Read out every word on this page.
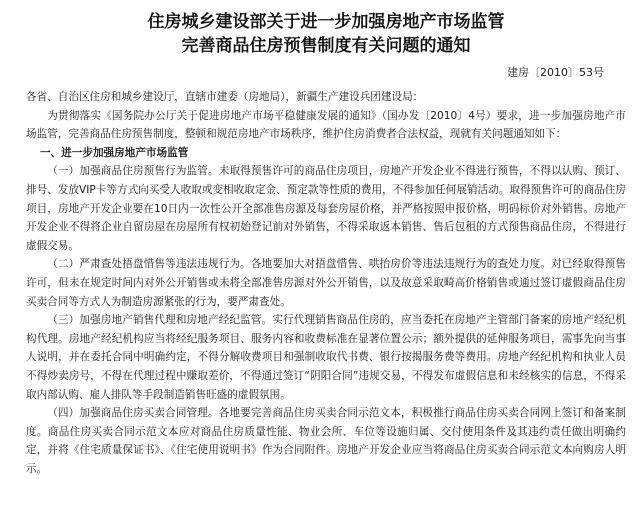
住房城乡建设部关于进一步加强房地产市场监管
完善商品住房预售制度有关问题的通知
建房〔2010〕53号

各省、自治区住房和城乡建设厅，直辖市建委（房地局），新疆生产建设兵团建设局：

为贯彻落实《国务院办公厅关于促进房地产市场平稳健康发展的通知》（国办发〔2010〕4号）要求，进一步加强房地产市场监管，完善商品住房预售制度，整顿和规范房地产市场秩序，维护住房消费者合法权益，现就有关问题通知如下：

一、进一步加强房地产市场监管

（一）加强商品住房预售行为监管。未取得预售许可的商品住房项目，房地产开发企业不得进行预售，不得以认购、预订、排号、发放VIP卡等方式向买受人收取或变相收取定金、预定款等性质的费用，不得参加任何展销活动。取得预售许可的商品住房项目，房地产开发企业要在10日内一次性公开全部准售房源及每套房屋价格，并严格按照申报价格，明码标价对外销售。房地产开发企业不得将企业自留房屋在房屋所有权初始登记前对外销售，不得采取返本销售、售后包租的方式预售商品住房，不得进行虚假交易。

（二）严肃查处捂盘惜售等违法违规行为。各地要加大对捂盘惜售、哄抬房价等违法违规行为的查处力度。对已经取得预售许可，但未在规定时间内对外公开销售或未将全部准售房源对外公开销售，以及故意采取畸高价格销售或通过签订虚假商品住房买卖合同等方式人为制造房源紧张的行为，要严肃查处。

（三）加强房地产销售代理和房地产经纪监管。实行代理销售商品住房的，应当委托在房地产主管部门备案的房地产经纪机构代理。房地产经纪机构应当将经纪服务项目、服务内容和收费标准在显著位置公示；额外提供的延伸服务项目，需事先向当事人说明，并在委托合同中明确约定，不得分解收费项目和强制收取代书费、银行按揭服务费等费用。房地产经纪机构和执业人员不得炒卖房号，不得在代理过程中赚取差价，不得通过签订“阴阳合同”违规交易，不得发布虚假信息和未经核实的信息，不得采取内部认购、雇人排队等手段制造销售旺盛的虚假氛围。

（四）加强商品住房买卖合同管理。各地要完善商品住房买卖合同示范文本，积极推行商品住房买卖合同网上签订和备案制度。商品住房买卖合同示范文本应对商品住房质量性能、物业会所、车位等设施归属、交付使用条件及其违约责任做出明确约定，并将《住宅质量保证书》、《住宅使用说明书》作为合同附件。房地产开发企业应当将商品住房买卖合同示范文本向购房人明示。
